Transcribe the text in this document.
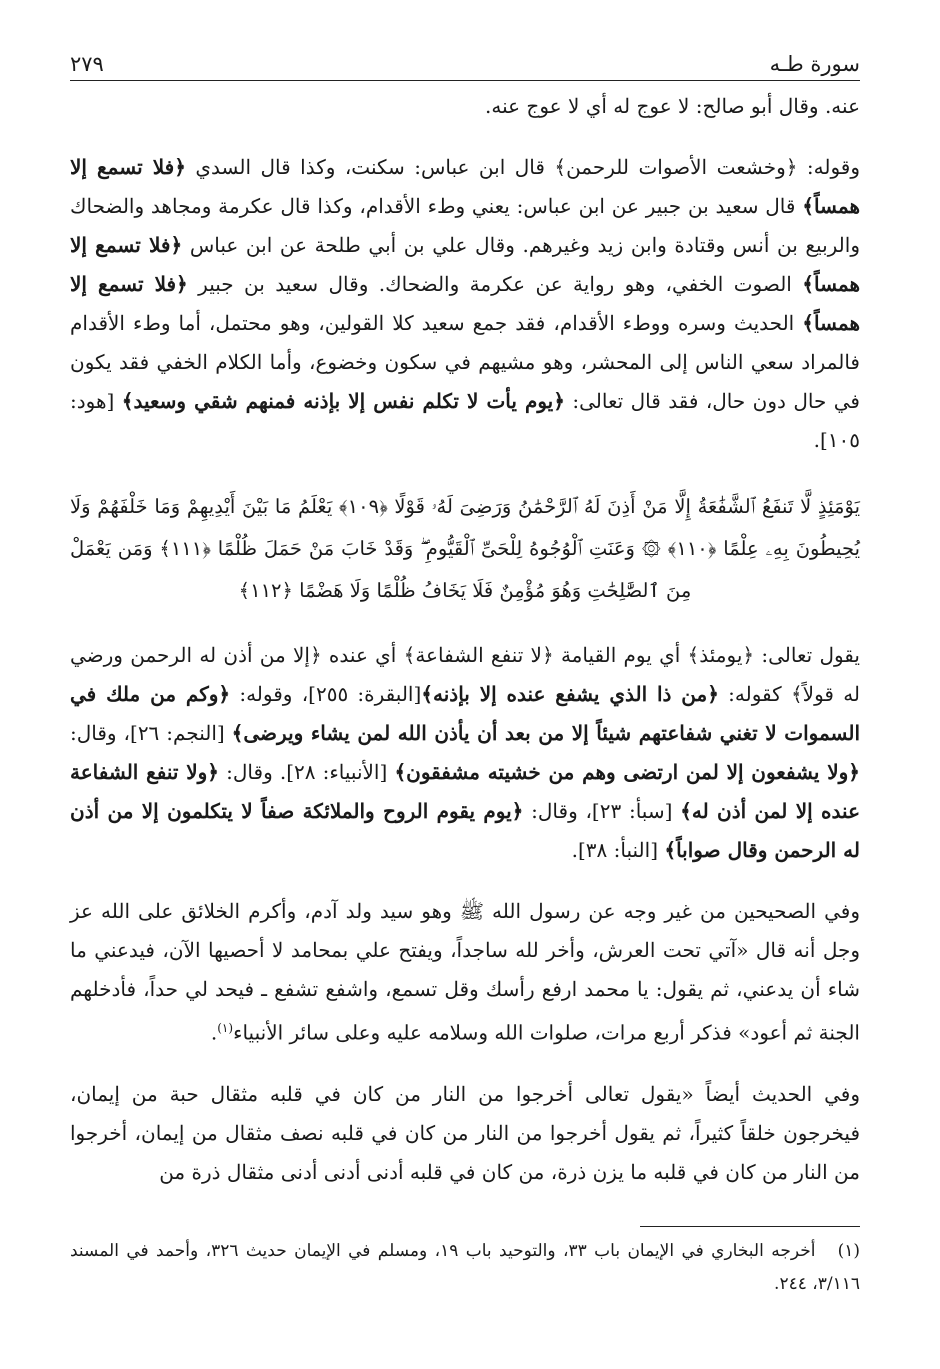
سورة طـه
٢٧٩

عنه. وقال أبو صالح: لا عوج له أي لا عوج عنه.

وقوله: ﴿وخشعت الأصوات للرحمن﴾ قال ابن عباس: سكنت، وكذا قال السدي ﴿فلا تسمع إلا همساً﴾ قال سعيد بن جبير عن ابن عباس: يعني وطء الأقدام، وكذا قال عكرمة ومجاهد والضحاك والربيع بن أنس وقتادة وابن زيد وغيرهم. وقال علي بن أبي طلحة عن ابن عباس ﴿فلا تسمع إلا همساً﴾ الصوت الخفي، وهو رواية عن عكرمة والضحاك. وقال سعيد بن جبير ﴿فلا تسمع إلا همساً﴾ الحديث وسره ووطء الأقدام، فقد جمع سعيد كلا القولين، وهو محتمل، أما وطء الأقدام فالمراد سعي الناس إلى المحشر، وهو مشيهم في سكون وخضوع، وأما الكلام الخفي فقد يكون في حال دون حال، فقد قال تعالى: ﴿يوم يأت لا تكلم نفس إلا بإذنه فمنهم شقي وسعيد﴾ [هود: ١٠٥].

يَوْمَئِذٍ لَّا تَنفَعُ ٱلشَّفَٰعَةُ إِلَّا مَنْ أَذِنَ لَهُ ٱلرَّحْمَٰنُ وَرَضِىَ لَهُۥ قَوْلًا ﴿١٠٩﴾ يَعْلَمُ مَا بَيْنَ أَيْدِيهِمْ وَمَا خَلْفَهُمْ وَلَا يُحِيطُونَ بِهِۦ عِلْمًا ﴿١١٠﴾ ۞ وَعَنَتِ ٱلْوُجُوهُ لِلْحَىِّ ٱلْقَيُّومِ ۖ وَقَدْ خَابَ مَنْ حَمَلَ ظُلْمًا ﴿١١١﴾ وَمَن يَعْمَلْ مِنَ ٱلصَّٰلِحَٰتِ وَهُوَ مُؤْمِنٌ فَلَا يَخَافُ ظُلْمًا وَلَا هَضْمًا ﴿١١٢﴾

يقول تعالى: ﴿يومئذ﴾ أي يوم القيامة ﴿لا تنفع الشفاعة﴾ أي عنده ﴿إلا من أذن له الرحمن ورضي له قولاً﴾ كقوله: ﴿من ذا الذي يشفع عنده إلا بإذنه﴾[البقرة: ٢٥٥]، وقوله: ﴿وكم من ملك في السموات لا تغني شفاعتهم شيئاً إلا من بعد أن يأذن الله لمن يشاء ويرضى﴾ [النجم: ٢٦]، وقال: ﴿ولا يشفعون إلا لمن ارتضى وهم من خشيته مشفقون﴾ [الأنبياء: ٢٨]. وقال: ﴿ولا تنفع الشفاعة عنده إلا لمن أذن له﴾ [سبأ: ٢٣]، وقال: ﴿يوم يقوم الروح والملائكة صفاً لا يتكلمون إلا من أذن له الرحمن وقال صواباً﴾ [النبأ: ٣٨].

وفي الصحيحين من غير وجه عن رسول الله ﷺ وهو سيد ولد آدم، وأكرم الخلائق على الله عز وجل أنه قال «آتي تحت العرش، وأخر لله ساجداً، ويفتح علي بمحامد لا أحصيها الآن، فيدعني ما شاء أن يدعني، ثم يقول: يا محمد ارفع رأسك وقل تسمع، واشفع تشفع ـ فيحد لي حداً، فأدخلهم الجنة ثم أعود» فذكر أربع مرات، صلوات الله وسلامه عليه وعلى سائر الأنبياء$^{(١)}$.

وفي الحديث أيضاً «يقول تعالى أخرجوا من النار من كان في قلبه مثقال حبة من إيمان، فيخرجون خلقاً كثيراً، ثم يقول أخرجوا من النار من كان في قلبه نصف مثقال من إيمان، أخرجوا من النار من كان في قلبه ما يزن ذرة، من كان في قلبه أدنى أدنى أدنى مثقال ذرة من

(١)   أخرجه البخاري في الإيمان باب ٣٣، والتوحيد باب ١٩، ومسلم في الإيمان حديث ٣٢٦، وأحمد في المسند ٣/١١٦، ٢٤٤.
